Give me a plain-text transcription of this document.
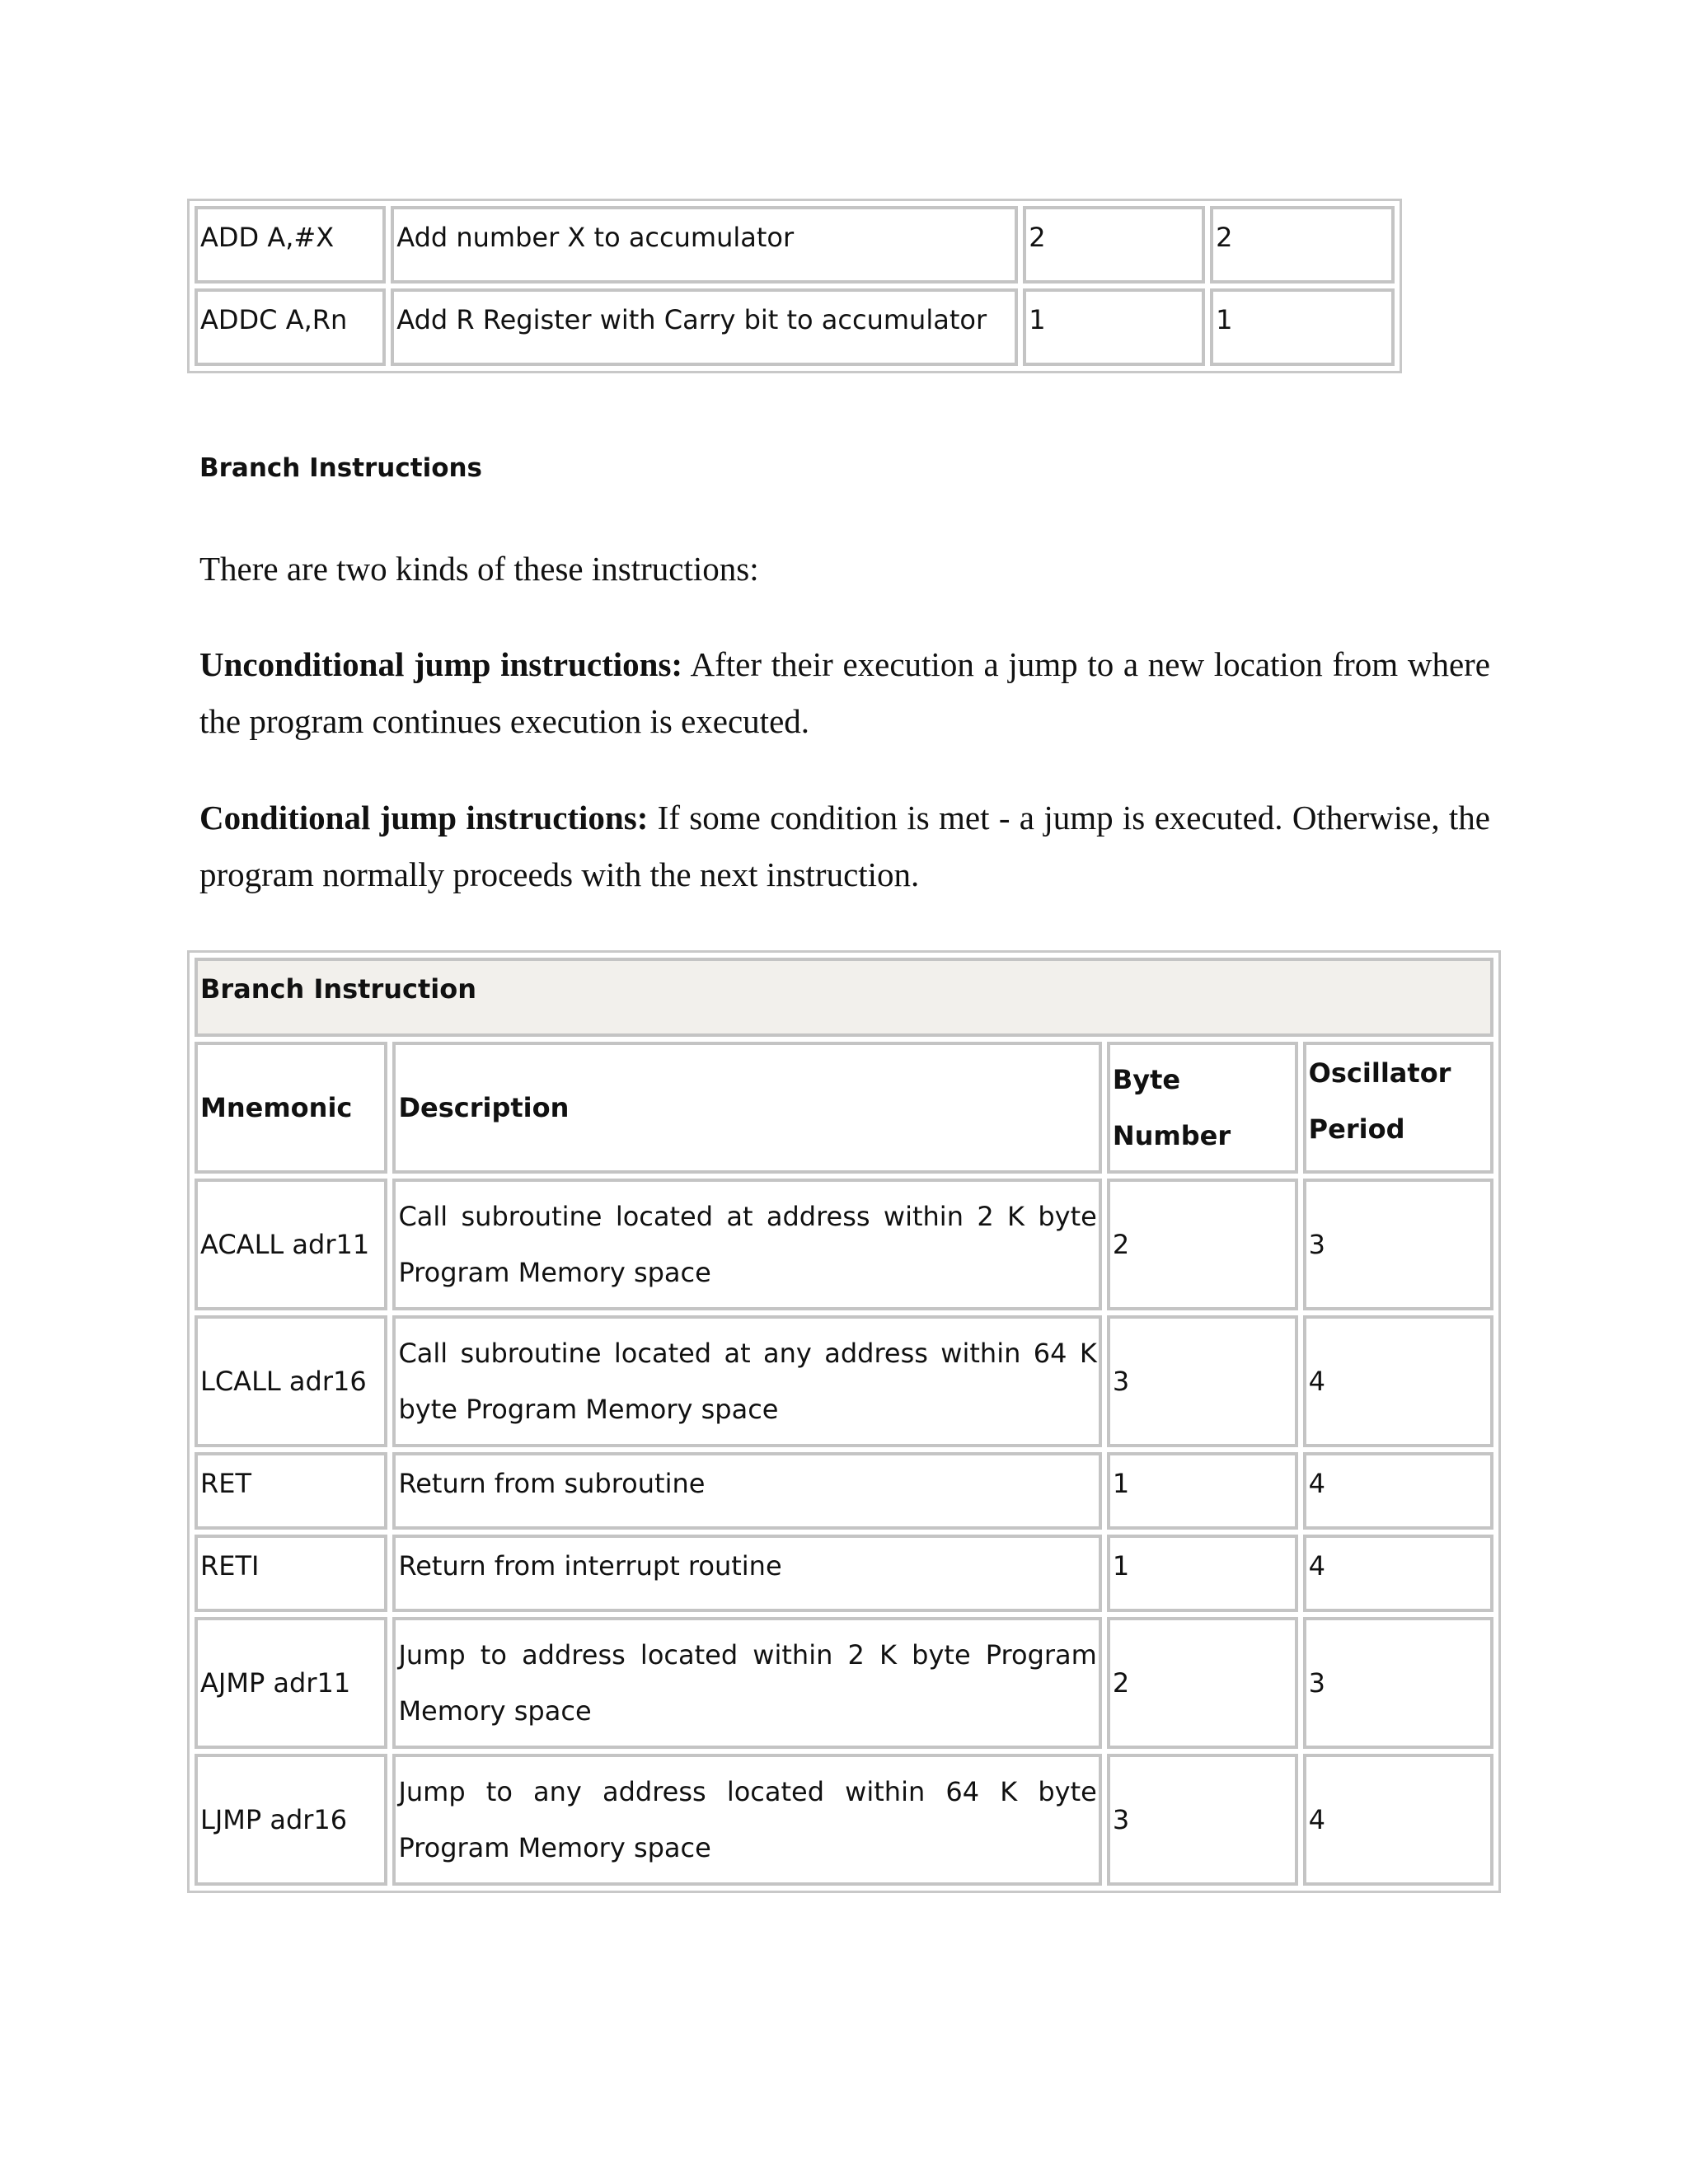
ADD A,#X	Add number X to accumulator	2	2
ADDC A,Rn	Add R Register with Carry bit to accumulator	1	1
Branch Instructions
There are two kinds of these instructions:
Unconditional jump instructions: After their execution a jump to a new location from where the program continues execution is executed.
Conditional jump instructions: If some condition is met - a jump is executed. Otherwise, the program normally proceeds with the next instruction.
Branch Instruction			
Mnemonic	Description	Byte Number	Oscillator Period
ACALL adr11	Call subroutine located at address within 2 K byte Program Memory space	2	3
LCALL adr16	Call subroutine located at any address within 64 K byte Program Memory space	3	4
RET	Return from subroutine	1	4
RETI	Return from interrupt routine	1	4
AJMP adr11	Jump to address located within 2 K byte Program Memory space	2	3
LJMP adr16	Jump to any address located within 64 K byte Program Memory space	3	4
